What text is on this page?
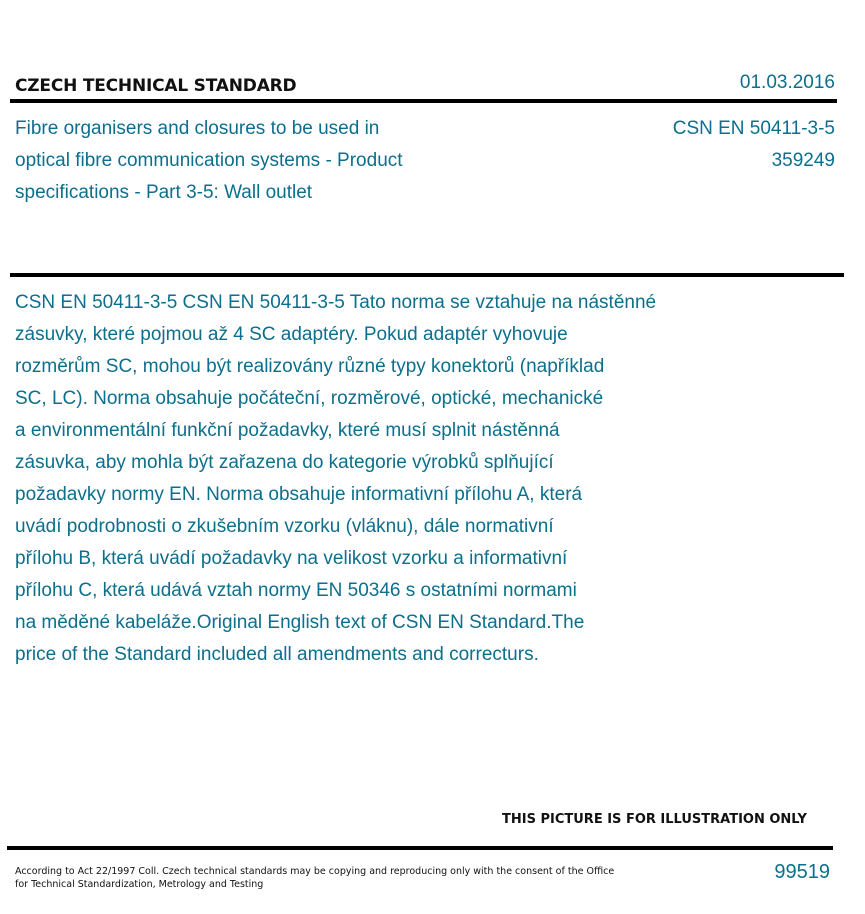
CZECH TECHNICAL STANDARD	01.03.2016
Fibre organisers and closures to be used in
optical fibre communication systems - Product
specifications - Part 3-5: Wall outlet
CSN EN 50411-3-5
359249
CSN EN 50411-3-5 CSN EN 50411-3-5 Tato norma se vztahuje na nástěnné
zásuvky, které pojmou až 4 SC adaptéry. Pokud adaptér vyhovuje
rozměrům SC, mohou být realizovány různé typy konektorů (například
SC, LC). Norma obsahuje počáteční, rozměrové, optické, mechanické
a environmentální funkční požadavky, které musí splnit nástěnná
zásuvka, aby mohla být zařazena do kategorie výrobků splňující
požadavky normy EN. Norma obsahuje informativní přílohu A, která
uvádí podrobnosti o zkušebním vzorku (vláknu), dále normativní
přílohu B, která uvádí požadavky na velikost vzorku a informativní
přílohu C, která udává vztah normy EN 50346 s ostatními normami
na měděné kabeláže.Original English text of CSN EN Standard.The
price of the Standard included all amendments and correcturs.
THIS PICTURE IS FOR ILLUSTRATION ONLY
According to Act 22/1997 Coll. Czech technical standards may be copying and reproducing only with the consent of the Office
for Technical Standardization, Metrology and Testing
99519
